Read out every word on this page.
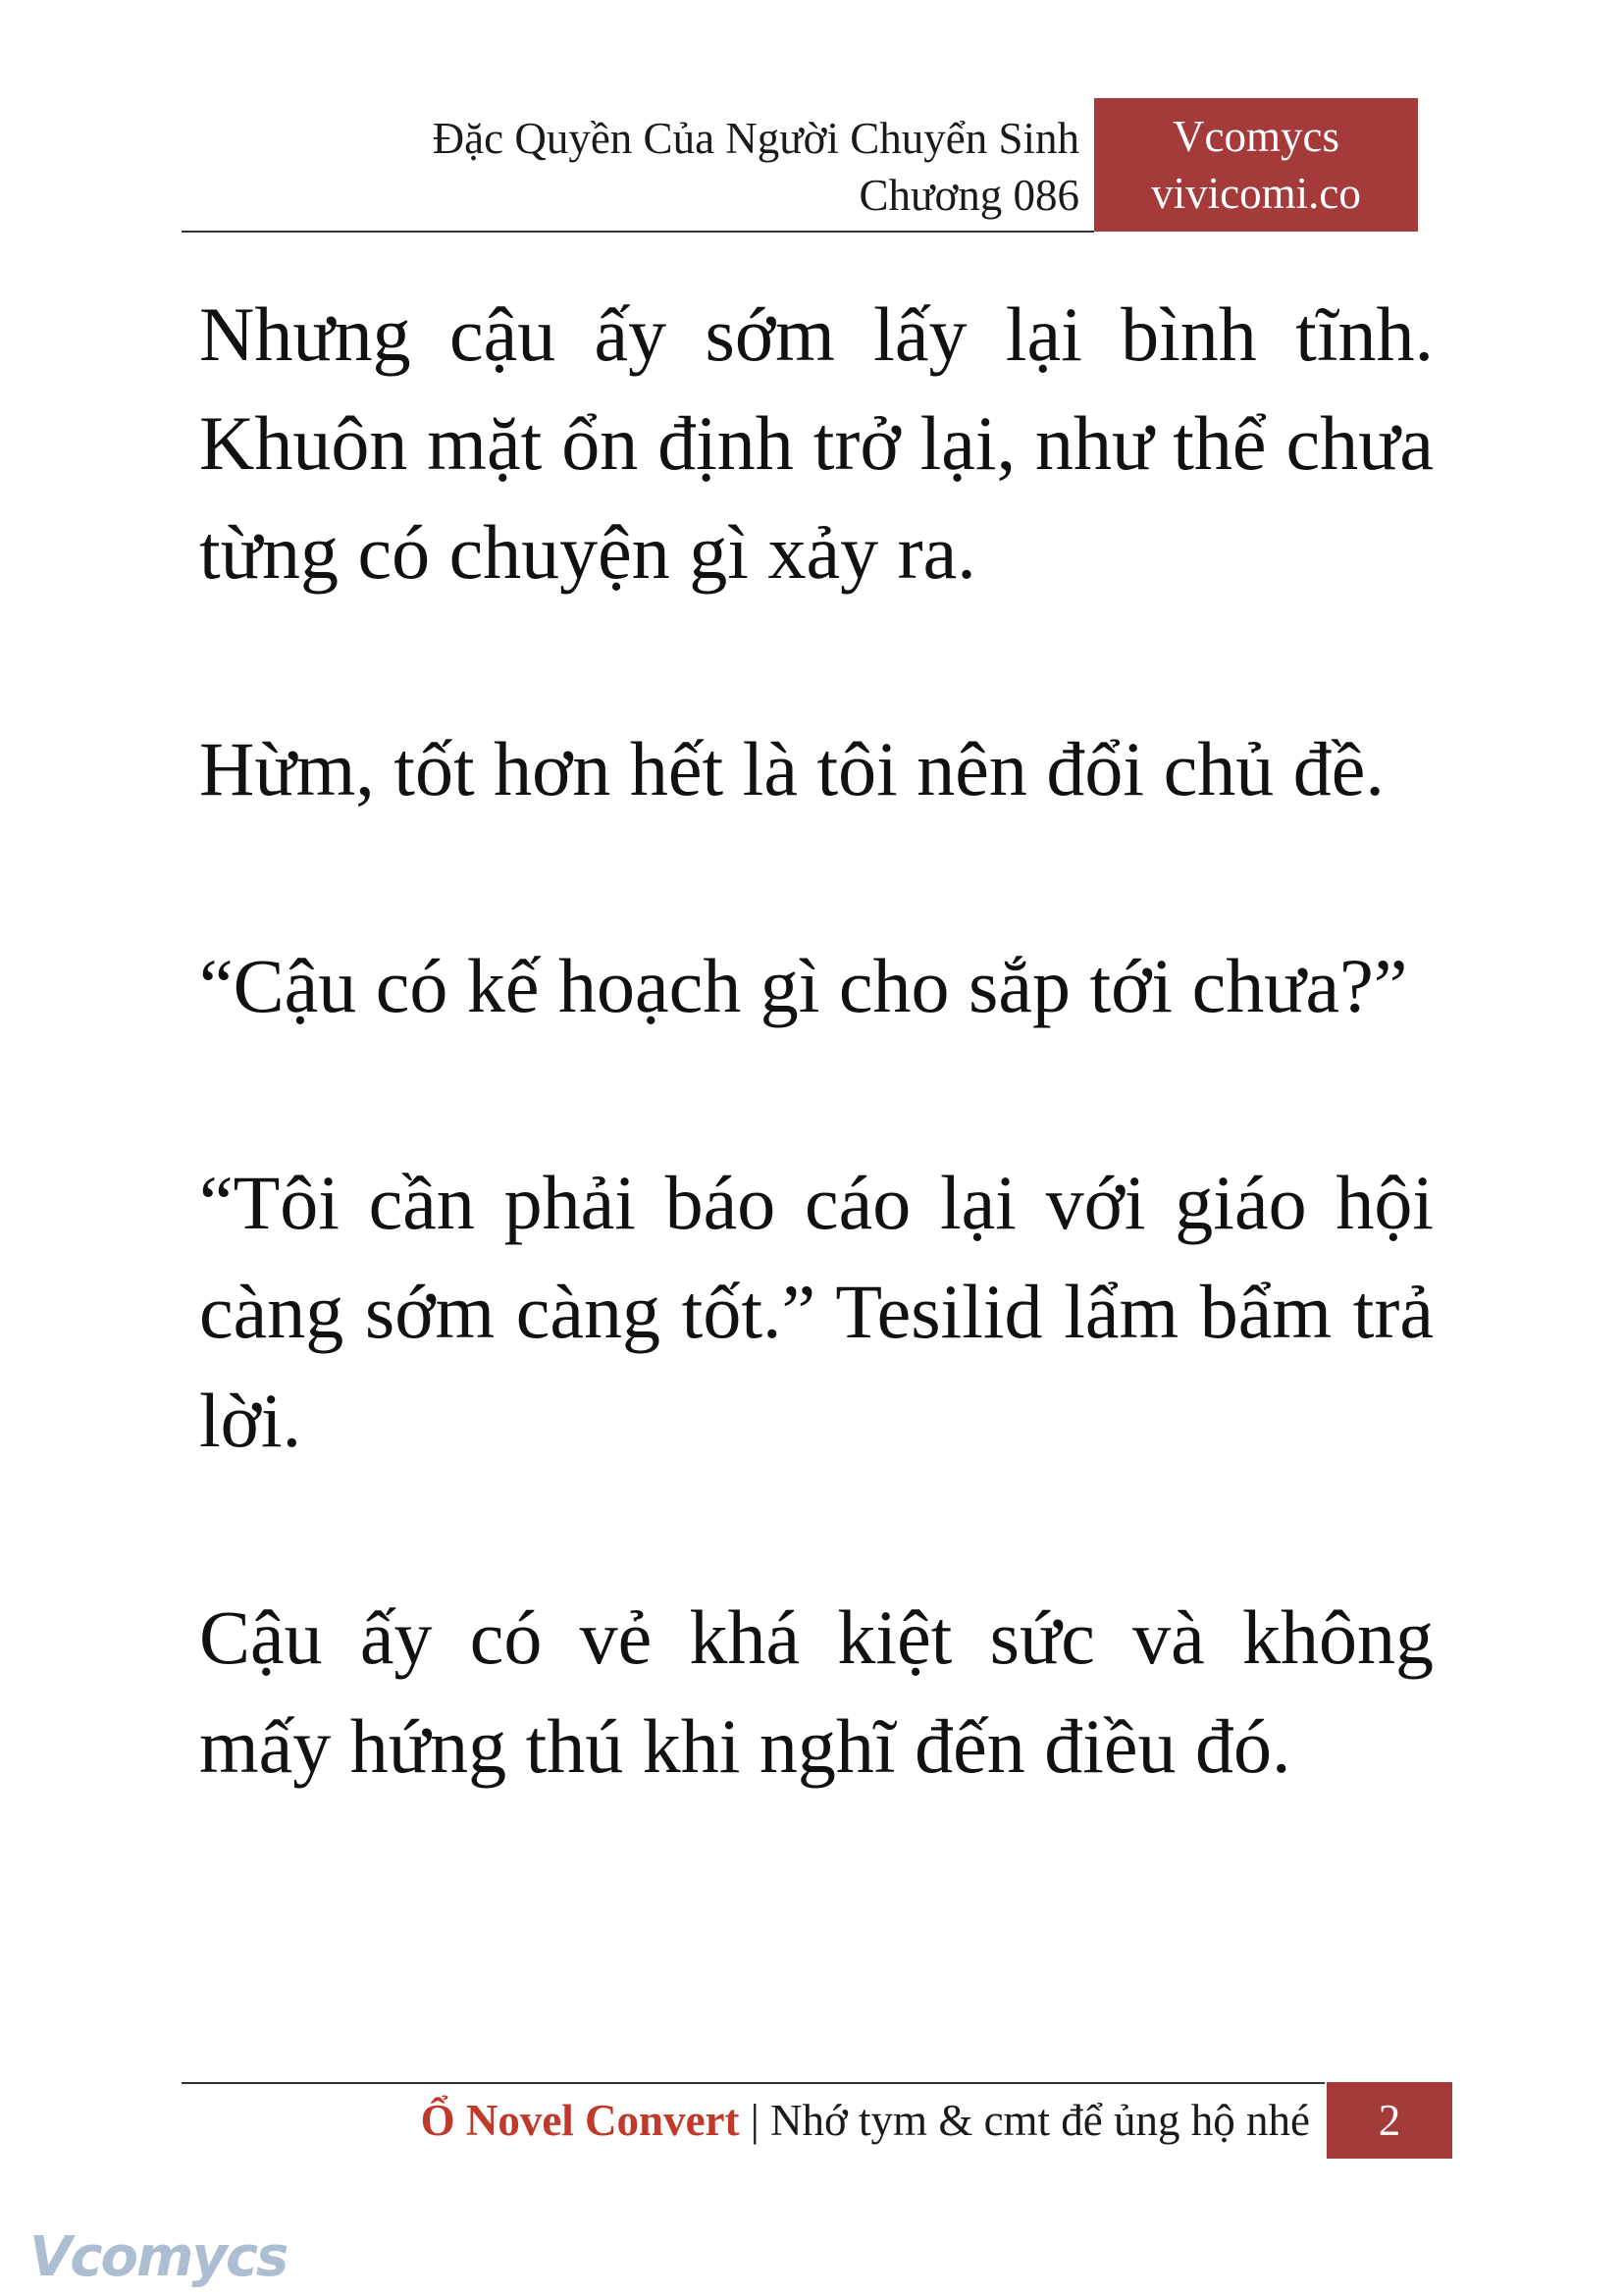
Đặc Quyền Của Người Chuyển Sinh
Chương 086
Vcomycs
vivicomi.co

Nhưng cậu ấy sớm lấy lại bình tĩnh. Khuôn mặt ổn định trở lại, như thể chưa từng có chuyện gì xảy ra.

Hừm, tốt hơn hết là tôi nên đổi chủ đề.

“Cậu có kế hoạch gì cho sắp tới chưa?”

“Tôi cần phải báo cáo lại với giáo hội càng sớm càng tốt.” Tesilid lẩm bẩm trả lời.

Cậu ấy có vẻ khá kiệt sức và không mấy hứng thú khi nghĩ đến điều đó.

Ổ Novel Convert | Nhớ tym & cmt để ủng hộ nhé	2
Vcomycs
